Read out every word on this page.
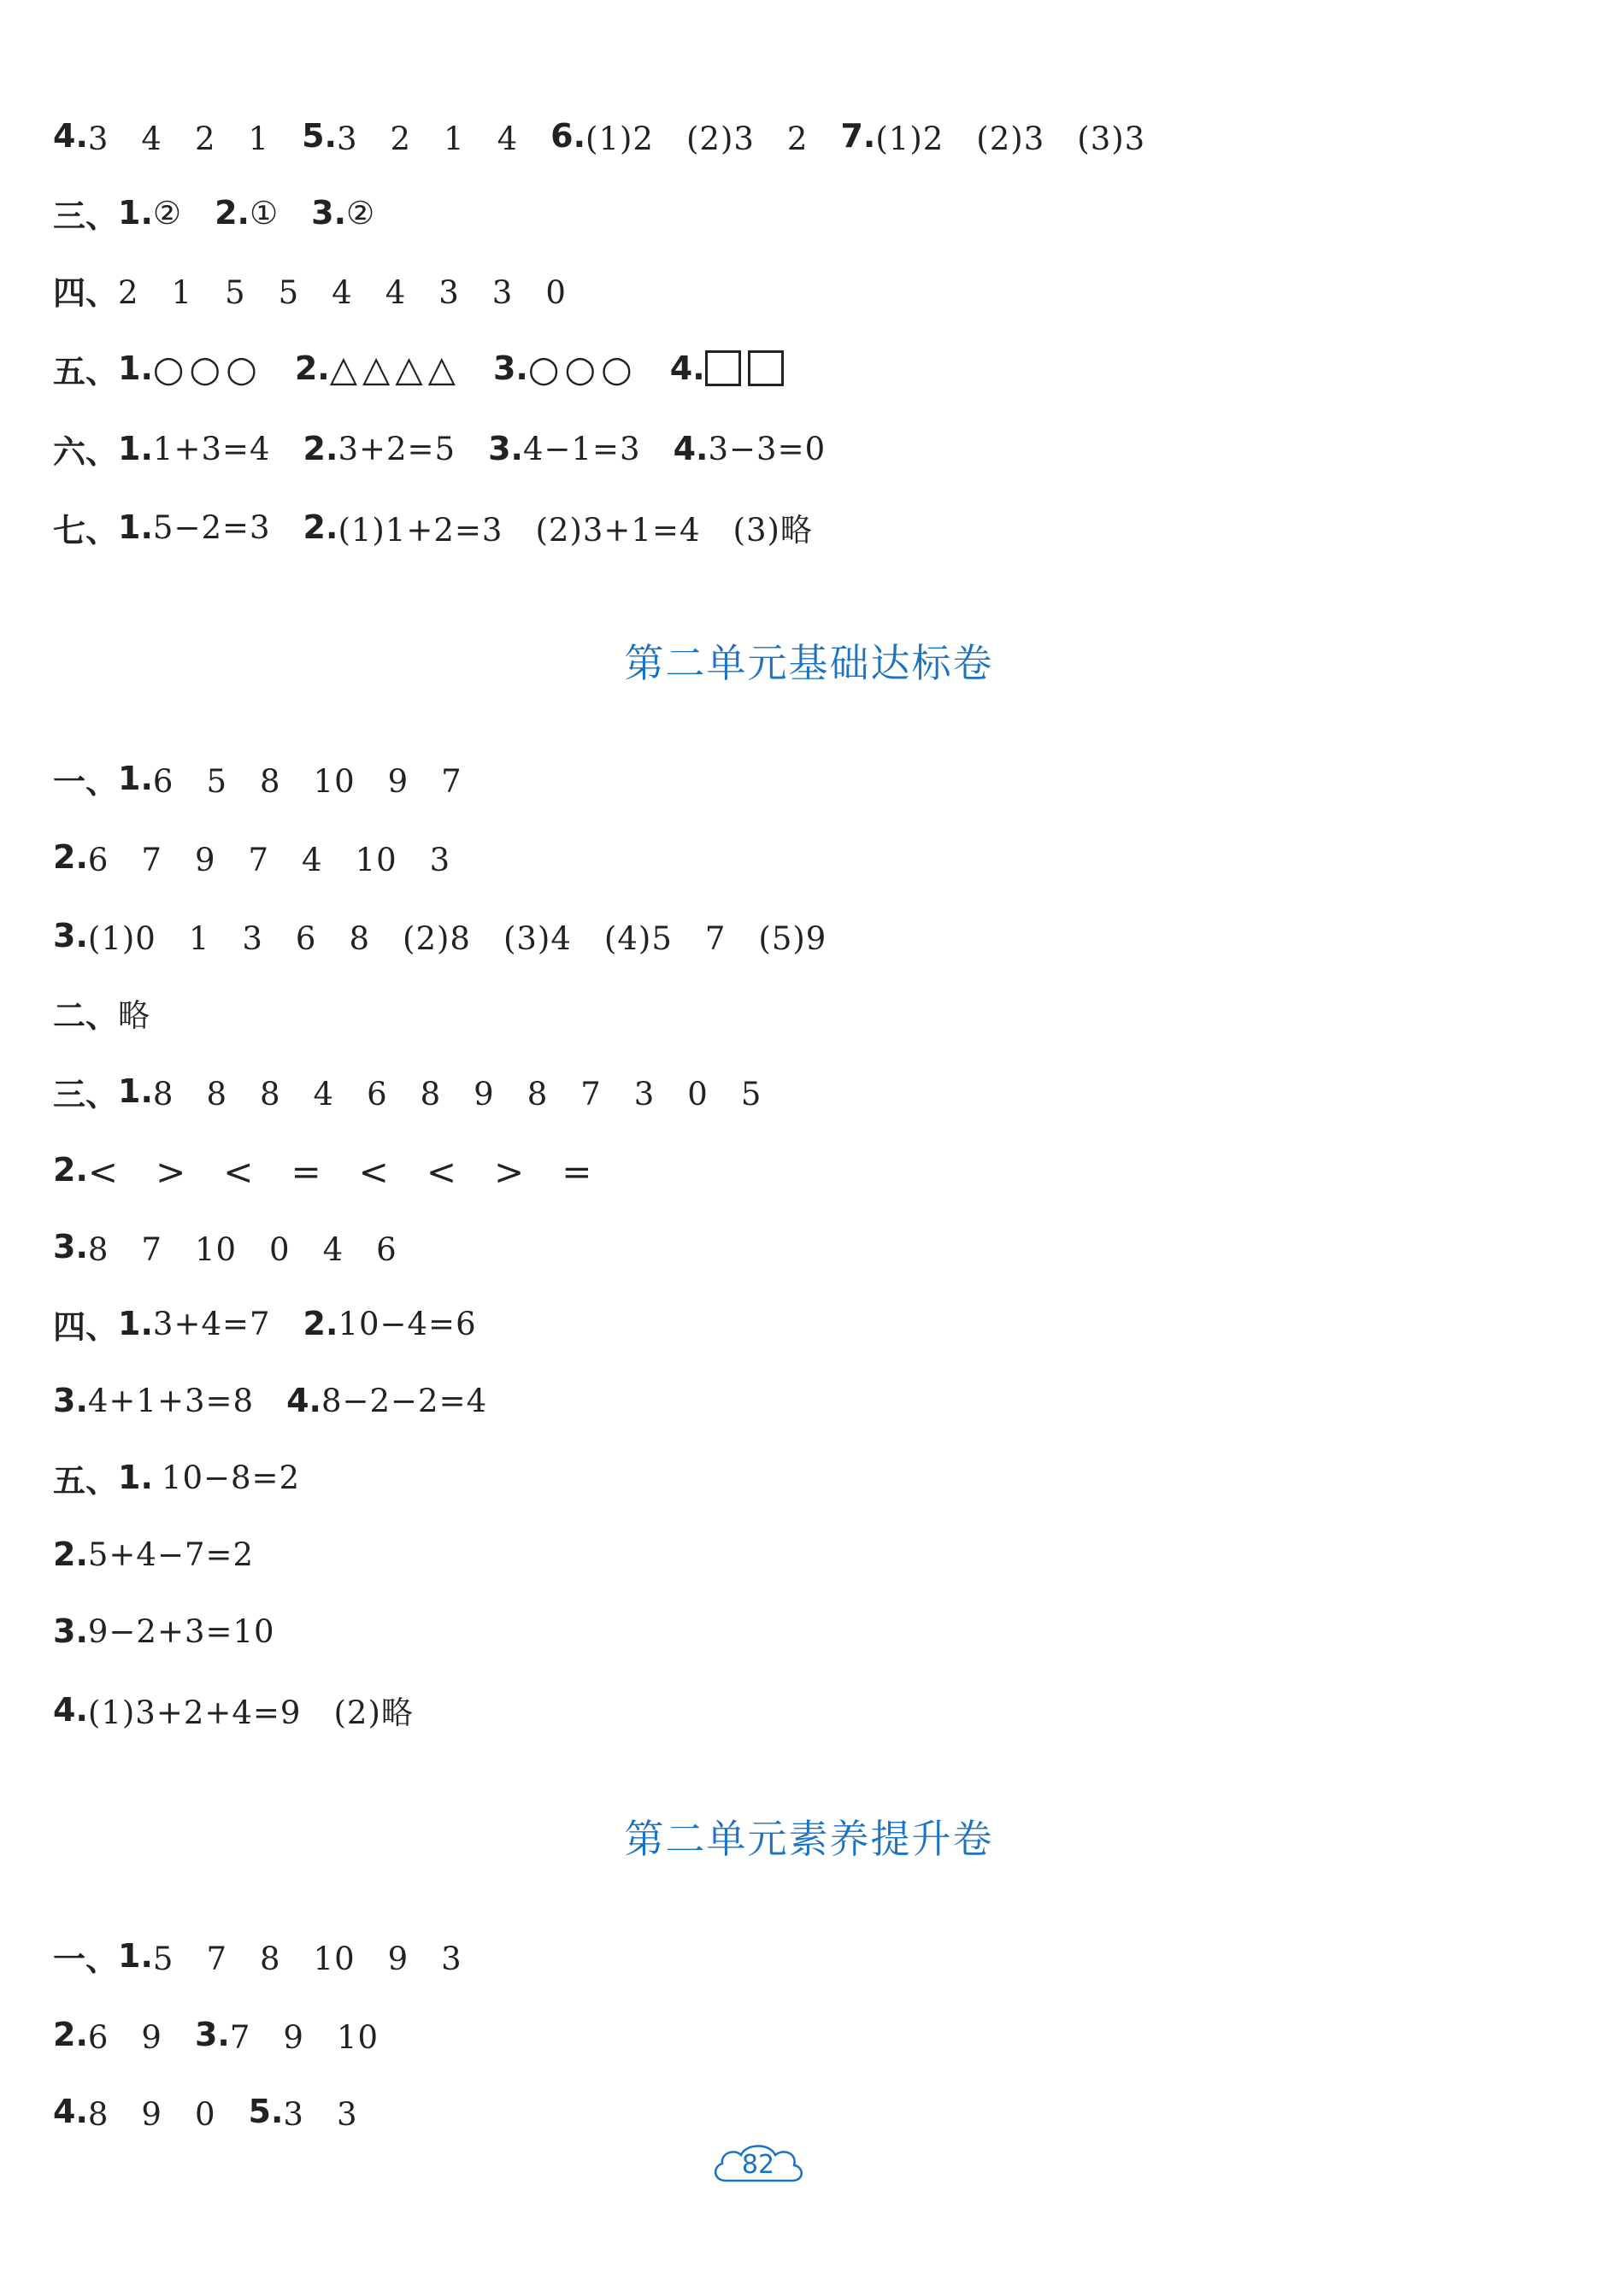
4. 3　4　2　1 5. 3　2　1　4 6. (1)2　(2)3　2 7. (1)2　(2)3　(3)3
三、 1. ② 2. ① 3. ②
四、 2　1　5　5　4　4　3　3　0
五、 1. ○○○ 2. △△△△ 3. ○○○ 4.
六、 1. 1+3=4 2. 3+2=5 3. 4−1=3 4. 3−3=0
七、 1. 5−2=3 2. (1)1+2=3　(2)3+1=4　(3)略
第二单元基础达标卷
一、 1. 6　5　8　10　9　7
2. 6　7　9　7　4　10　3
3. (1)0　1　3　6　8　(2)8　(3)4　(4)5　7　(5)9
二、 略
三、 1. 8　8　8　4　6　8　9　8　7　3　0　5
2. <　>　<　=　<　<　>　=
3. 8　7　10　0　4　6
四、 1. 3+4=7 2. 10−4=6
3. 4+1+3=8 4. 8−2−2=4
五、 1. 10−8=2
2. 5+4−7=2
3. 9−2+3=10
4. (1)3+2+4=9　(2)略
第二单元素养提升卷
一、 1. 5　7　8　10　9　3
2. 6　9 3. 7　9　10
4. 8　9　0 5. 3　3
82
